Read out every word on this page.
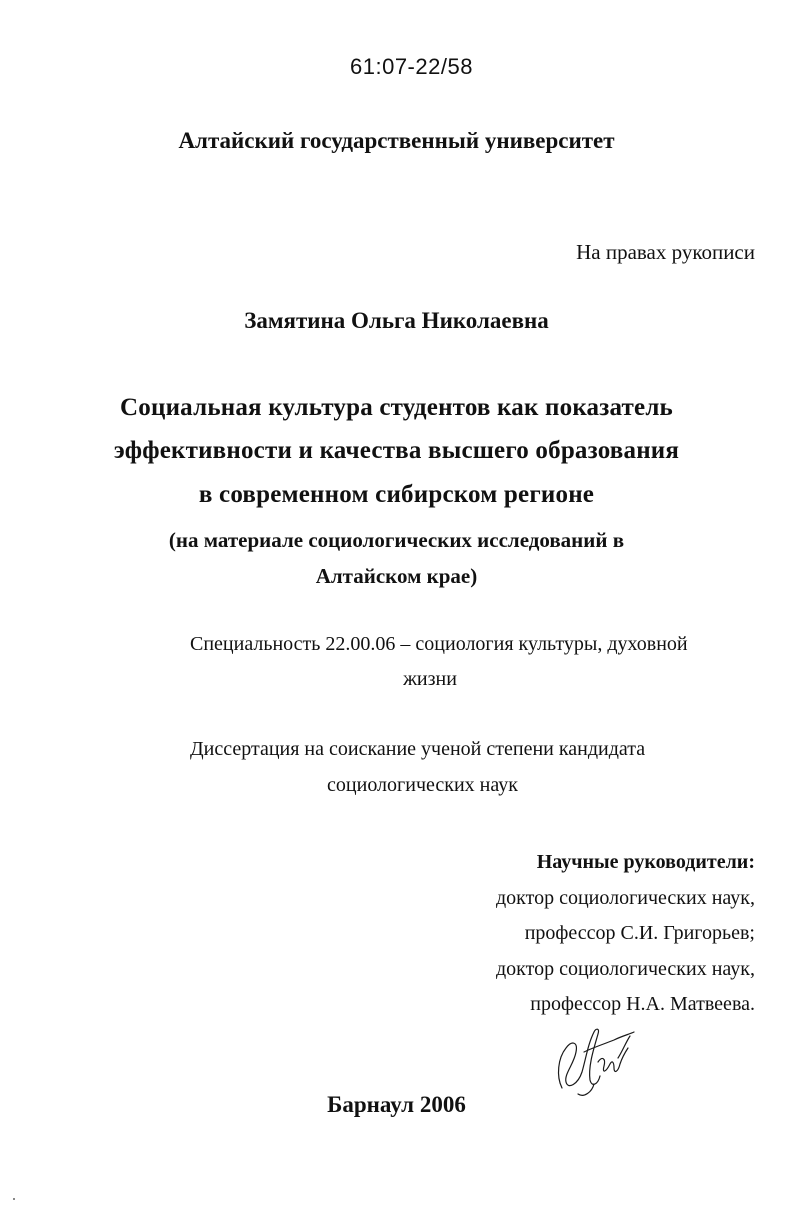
61:07-22/58
Алтайский государственный университет
На правах рукописи
Замятина Ольга Николаевна
Социальная культура студентов как показатель
эффективности и качества высшего образования
в современном сибирском регионе
(на материале социологических исследований в
Алтайском крае)
Специальность 22.00.06 – социология культуры, духовной
жизни
Диссертация на соискание ученой степени кандидата
социологических наук
Научные руководители:
доктор социологических наук,
профессор С.И. Григорьев;
доктор социологических наук,
профессор Н.А. Матвеева.
Барнаул 2006
